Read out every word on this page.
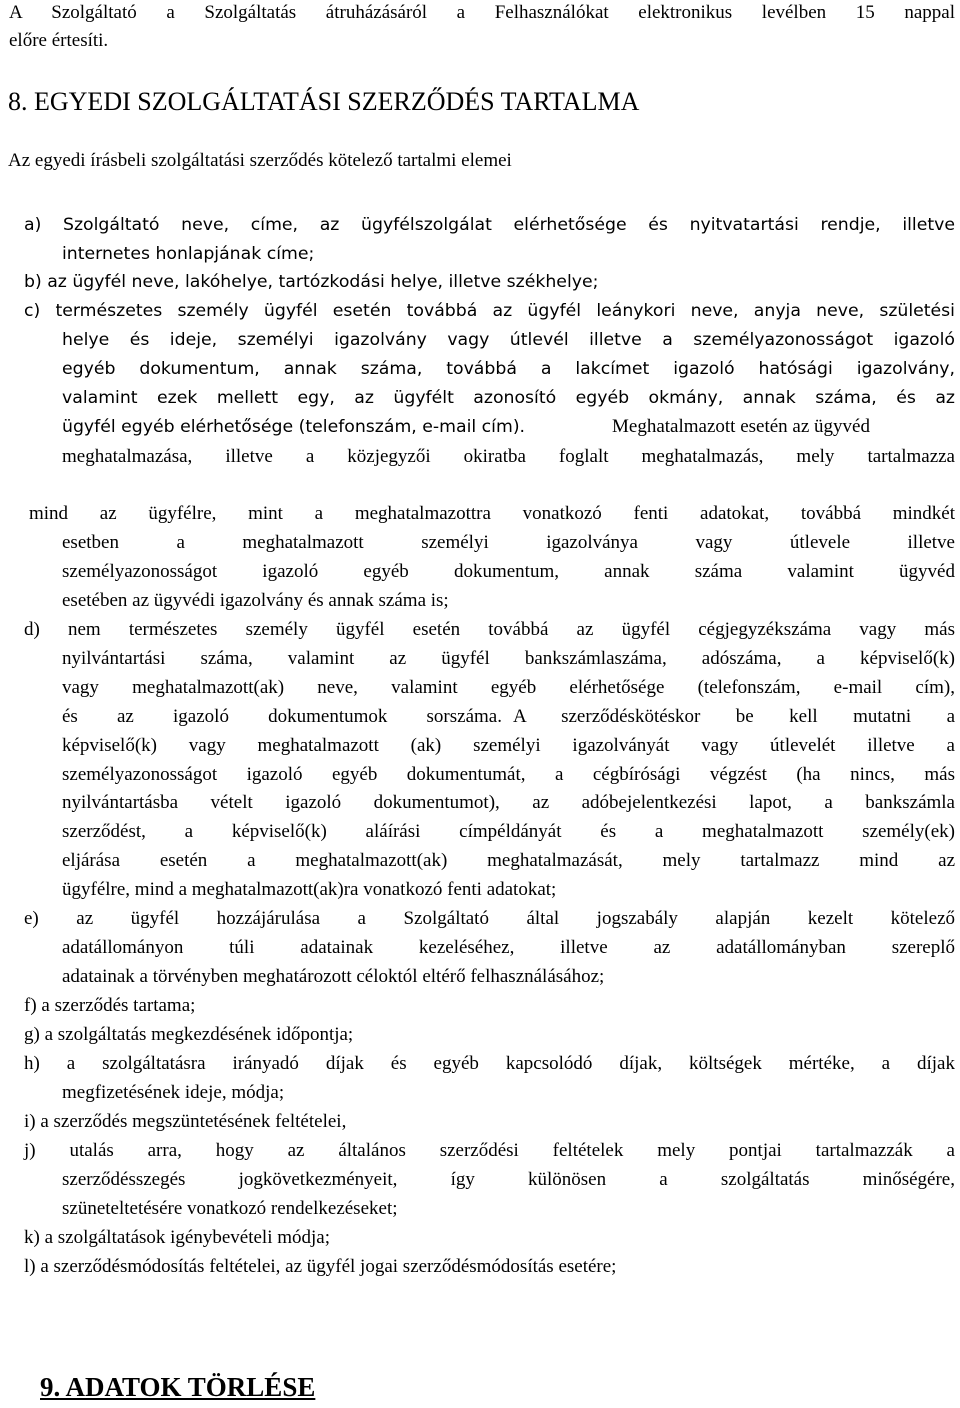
A Szolgáltató a Szolgáltatás átruházásáról a Felhasználókat elektronikus levélben 15 nappal
előre értesíti.
8. EGYEDI SZOLGÁLTATÁSI SZERZŐDÉS TARTALMA
Az egyedi írásbeli szolgáltatási szerződés kötelező tartalmi elemei
a) Szolgáltató neve, címe, az ügyfélszolgálat elérhetősége és nyitvatartási rendje, illetve
internetes honlapjának címe;
b) az ügyfél neve, lakóhelye, tartózkodási helye, illetve székhelye;
c) természetes személy ügyfél esetén továbbá az ügyfél leánykori neve, anyja neve, születési
helye és ideje, személyi igazolvány vagy útlevél illetve a személyazonosságot igazoló
egyéb dokumentum, annak száma, továbbá a lakcímet igazoló hatósági igazolvány,
valamint ezek mellett egy, az ügyfélt azonosító egyéb okmány, annak száma, és az
ügyfél egyéb elérhetősége (telefonszám, e-mail cím).	Meghatalmazott esetén az ügyvéd
meghatalmazása, illetve a közjegyzői okiratba foglalt meghatalmazás, mely tartalmazza
mind az ügyfélre, mint a meghatalmazottra vonatkozó fenti adatokat, továbbá mindkét
esetben a meghatalmazott személyi igazolványa vagy útlevele illetve
személyazonosságot igazoló egyéb dokumentum, annak száma valamint ügyvéd
esetében az ügyvédi igazolvány és annak száma is;
d) nem természetes személy ügyfél esetén továbbá az ügyfél cégjegyzékszáma vagy más
nyilvántartási száma, valamint az ügyfél bankszámlaszáma, adószáma, a képviselő(k)
vagy meghatalmazott(ak) neve, valamint egyéb elérhetősége (telefonszám, e-mail cím),
és az igazoló dokumentumok sorszáma. A szerződéskötéskor be kell mutatni a
képviselő(k) vagy meghatalmazott (ak) személyi igazolványát vagy útlevelét illetve a
személyazonosságot igazoló egyéb dokumentumát, a cégbírósági végzést (ha nincs, más
nyilvántartásba vételt igazoló dokumentumot), az adóbejelentkezési lapot, a bankszámla
szerződést, a képviselő(k) aláírási címpéldányát és a meghatalmazott személy(ek)
eljárása esetén a meghatalmazott(ak) meghatalmazását, mely tartalmazz mind az
ügyfélre, mind a meghatalmazott(ak)ra vonatkozó fenti adatokat;
e) az ügyfél hozzájárulása a Szolgáltató által jogszabály alapján kezelt kötelező
adatállományon túli adatainak kezeléséhez, illetve az adatállományban szereplő
adatainak a törvényben meghatározott céloktól eltérő felhasználásához;
f) a szerződés tartama;
g) a szolgáltatás megkezdésének időpontja;
h) a szolgáltatásra irányadó díjak és egyéb kapcsolódó díjak, költségek mértéke, a díjak
megfizetésének ideje, módja;
i) a szerződés megszüntetésének feltételei,
j) utalás arra, hogy az általános szerződési feltételek mely pontjai tartalmazzák a
szerződésszegés jogkövetkezményeit, így különösen a szolgáltatás minőségére,
szüneteltetésére vonatkozó rendelkezéseket;
k) a szolgáltatások igénybevételi módja;
l) a szerződésmódosítás feltételei, az ügyfél jogai szerződésmódosítás esetére;
9. ADATOK TÖRLÉSE
